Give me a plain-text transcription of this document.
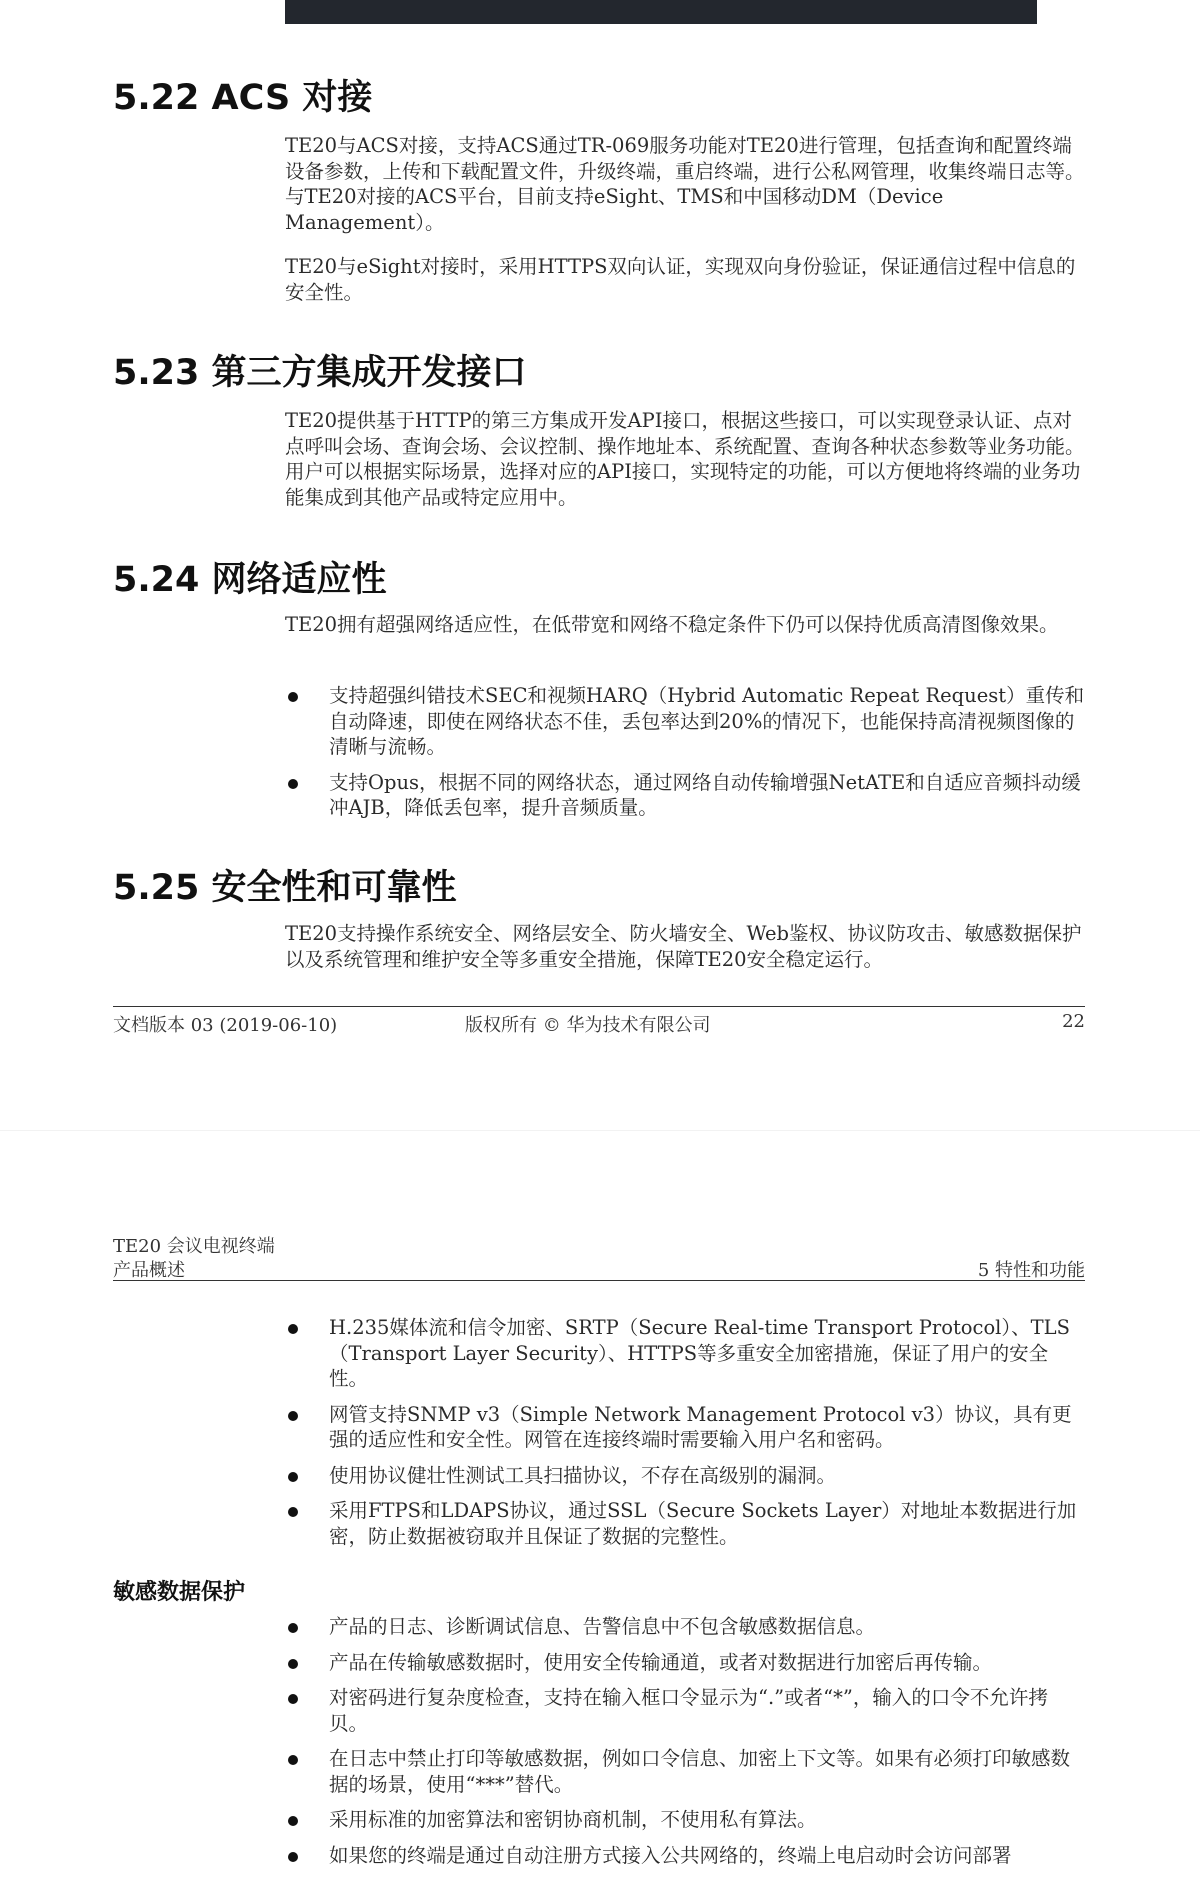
5.22 ACS 对接

TE20与ACS对接，支持ACS通过TR-069服务功能对TE20进行管理，包括查询和配置终端设备参数，上传和下载配置文件，升级终端，重启终端，进行公私网管理，收集终端日志等。与TE20对接的ACS平台，目前支持eSight、TMS和中国移动DM（Device Management）。

TE20与eSight对接时，采用HTTPS双向认证，实现双向身份验证，保证通信过程中信息的安全性。

5.23 第三方集成开发接口

TE20提供基于HTTP的第三方集成开发API接口，根据这些接口，可以实现登录认证、点对点呼叫会场、查询会场、会议控制、操作地址本、系统配置、查询各种状态参数等业务功能。用户可以根据实际场景，选择对应的API接口，实现特定的功能，可以方便地将终端的业务功能集成到其他产品或特定应用中。

5.24 网络适应性

TE20拥有超强网络适应性，在低带宽和网络不稳定条件下仍可以保持优质高清图像效果。

支持超强纠错技术SEC和视频HARQ（Hybrid Automatic Repeat Request）重传和自动降速，即使在网络状态不佳，丢包率达到20%的情况下，也能保持高清视频图像的清晰与流畅。
支持Opus，根据不同的网络状态，通过网络自动传输增强NetATE和自适应音频抖动缓冲AJB，降低丢包率，提升音频质量。
5.25 安全性和可靠性

TE20支持操作系统安全、网络层安全、防火墙安全、Web鉴权、协议防攻击、敏感数据保护以及系统管理和维护安全等多重安全措施，保障TE20安全稳定运行。

文档版本 03 (2019-06-10)	版权所有 © 华为技术有限公司	22
TE20 会议电视终端
产品概述	5 特性和功能
H.235媒体流和信令加密、SRTP（Secure Real-time Transport Protocol）、TLS（Transport Layer Security）、HTTPS等多重安全加密措施，保证了用户的安全性。
网管支持SNMP v3（Simple Network Management Protocol v3）协议，具有更强的适应性和安全性。网管在连接终端时需要输入用户名和密码。
使用协议健壮性测试工具扫描协议，不存在高级别的漏洞。
采用FTPS和LDAPS协议，通过SSL（Secure Sockets Layer）对地址本数据进行加密，防止数据被窃取并且保证了数据的完整性。
敏感数据保护
产品的日志、诊断调试信息、告警信息中不包含敏感数据信息。
产品在传输敏感数据时，使用安全传输通道，或者对数据进行加密后再传输。
对密码进行复杂度检查，支持在输入框口令显示为“.”或者“*”，输入的口令不允许拷贝。
在日志中禁止打印等敏感数据，例如口令信息、加密上下文等。如果有必须打印敏感数据的场景，使用“***”替代。
采用标准的加密算法和密钥协商机制，不使用私有算法。
如果您的终端是通过自动注册方式接入公共网络的，终端上电启动时会访问部署
